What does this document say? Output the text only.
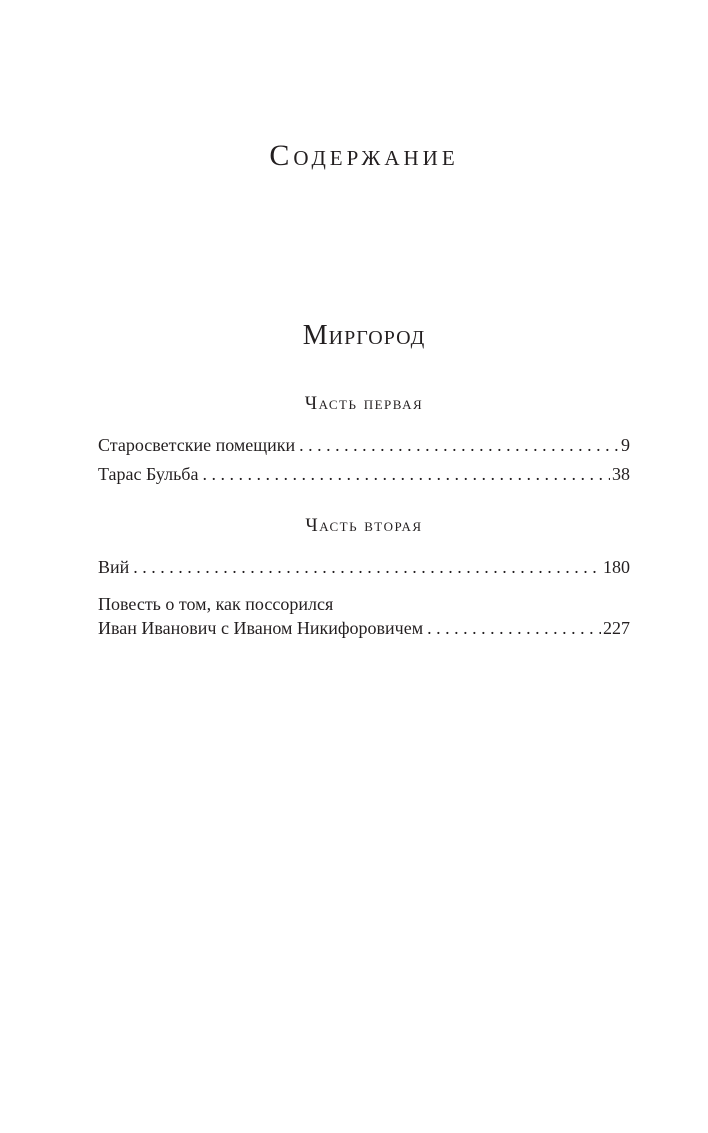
Содержание
Миргород
Часть первая
Старосветские помещики . . .	9
Тарас Бульба . . .	38
Часть вторая
Вий . . .	180
Повесть о том, как поссорился
Иван Иванович с Иваном Никифоровичем . . .	227
